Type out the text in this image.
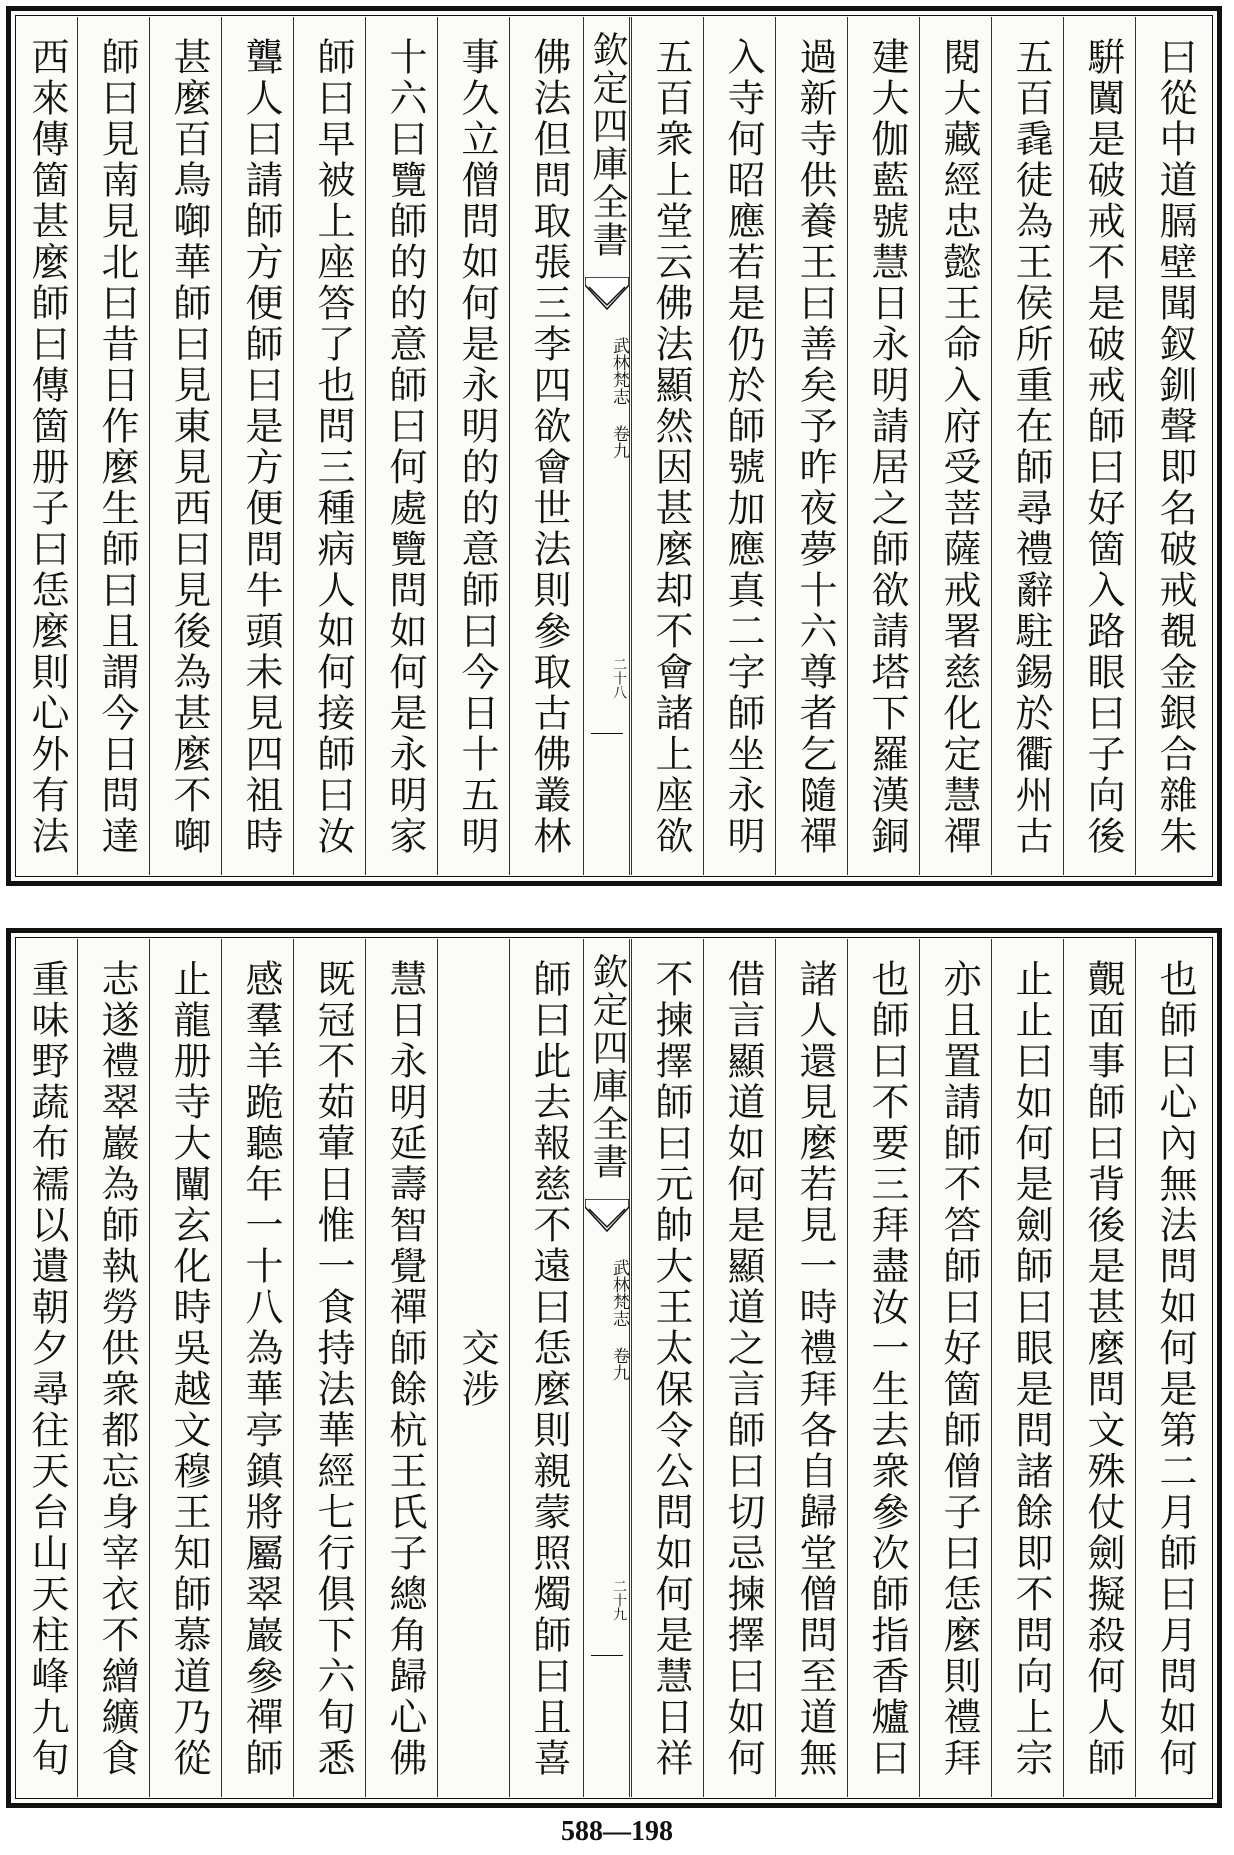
曰從中道膈壁聞釵釧聲即名破戒覩金銀合雜朱
騈闐是破戒不是破戒師曰好箇入路眼曰子向後
五百毳徒為王侯所重在師尋禮辭駐錫於衢州古
閱大藏經忠懿王命入府受菩薩戒署慈化定慧禪
建大伽藍號慧日永明請居之師欲請塔下羅漢銅
過新寺供養王曰善矣予昨夜夢十六尊者乞隨禪
入寺何昭應若是仍於師號加應真二字師坐永明
五百衆上堂云佛法顯然因甚麼却不會諸上座欲
欽定四庫全書
武林梵志 卷九
二十八
佛法但問取張三李四欲會世法則參取古佛叢林
事久立僧問如何是永明的的意師曰今日十五明
十六曰覽師的的意師曰何處覽問如何是永明家
師曰早被上座答了也問三種病人如何接師曰汝
聾人曰請師方便師曰是方便問牛頭未見四祖時
甚麼百鳥啣華師曰見東見西曰見後為甚麼不啣
師曰見南見北曰昔日作麼生師曰且謂今日問達
西來傳箇甚麼師曰傳箇册子曰恁麼則心外有法
也師曰心內無法問如何是第二月師曰月問如何
覿面事師曰背後是甚麼問文殊仗劍擬殺何人師
止止曰如何是劍師曰眼是問諸餘即不問向上宗
亦且置請師不答師曰好箇師僧子曰恁麼則禮拜
也師曰不要三拜盡汝一生去衆參次師指香爐曰
諸人還見麼若見一時禮拜各自歸堂僧問至道無
借言顯道如何是顯道之言師曰切忌揀擇曰如何
不揀擇師曰元帥大王太保令公問如何是慧日祥
欽定四庫全書
武林梵志 卷九
二十九
師曰此去報慈不遠曰恁麼則親蒙照燭師曰且喜
交涉
慧日永明延壽智覺禪師餘杭王氏子總角歸心佛
既冠不茹葷日惟一食持法華經七行俱下六旬悉
感羣羊跪聽年一十八為華亭鎮將屬翠巖參禪師
止龍册寺大闡玄化時吳越文穆王知師慕道乃從
志遂禮翠巖為師執勞供衆都忘身宰衣不繒纊食
重味野蔬布襦以遺朝夕尋往天台山天柱峰九旬
588—198
